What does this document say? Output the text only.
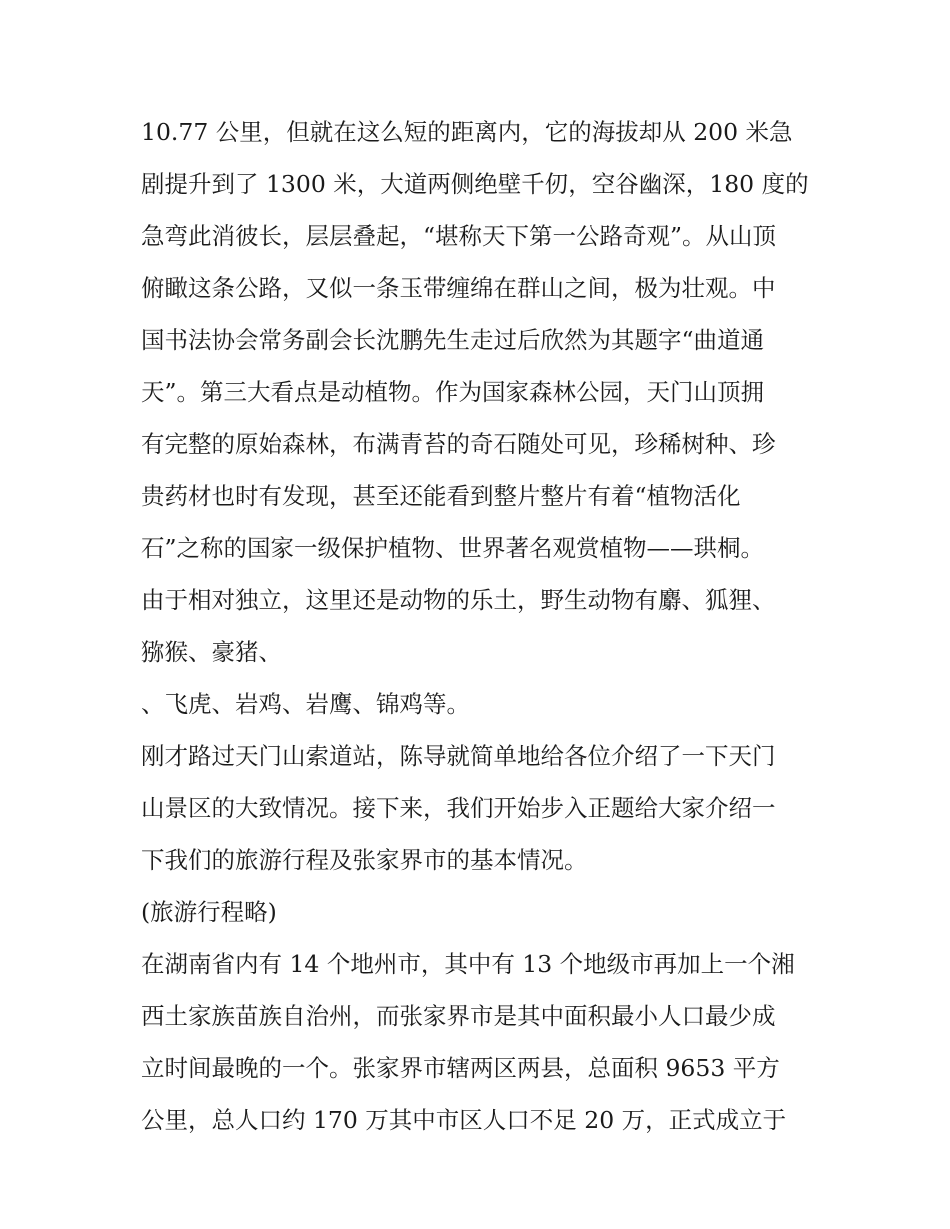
10.77 公里，但就在这么短的距离内，它的海拔却从 200 米急
剧提升到了 1300 米，大道两侧绝壁千仞，空谷幽深，180 度的
急弯此消彼长，层层叠起，“堪称天下第一公路奇观”。从山顶
俯瞰这条公路，又似一条玉带缠绵在群山之间，极为壮观。中
国书法协会常务副会长沈鹏先生走过后欣然为其题字“曲道通
天”。第三大看点是动植物。作为国家森林公园，天门山顶拥
有完整的原始森林，布满青苔的奇石随处可见，珍稀树种、珍
贵药材也时有发现，甚至还能看到整片整片有着“植物活化
石”之称的国家一级保护植物、世界著名观赏植物——珙桐。
由于相对独立，这里还是动物的乐土，野生动物有麝、狐狸、
猕猴、豪猪、
、飞虎、岩鸡、岩鹰、锦鸡等。
刚才路过天门山索道站，陈导就简单地给各位介绍了一下天门
山景区的大致情况。接下来，我们开始步入正题给大家介绍一
下我们的旅游行程及张家界市的基本情况。
(旅游行程略)
在湖南省内有 14 个地州市，其中有 13 个地级市再加上一个湘
西土家族苗族自治州，而张家界市是其中面积最小人口最少成
立时间最晚的一个。张家界市辖两区两县，总面积 9653 平方
公里，总人口约 170 万其中市区人口不足 20 万，正式成立于
